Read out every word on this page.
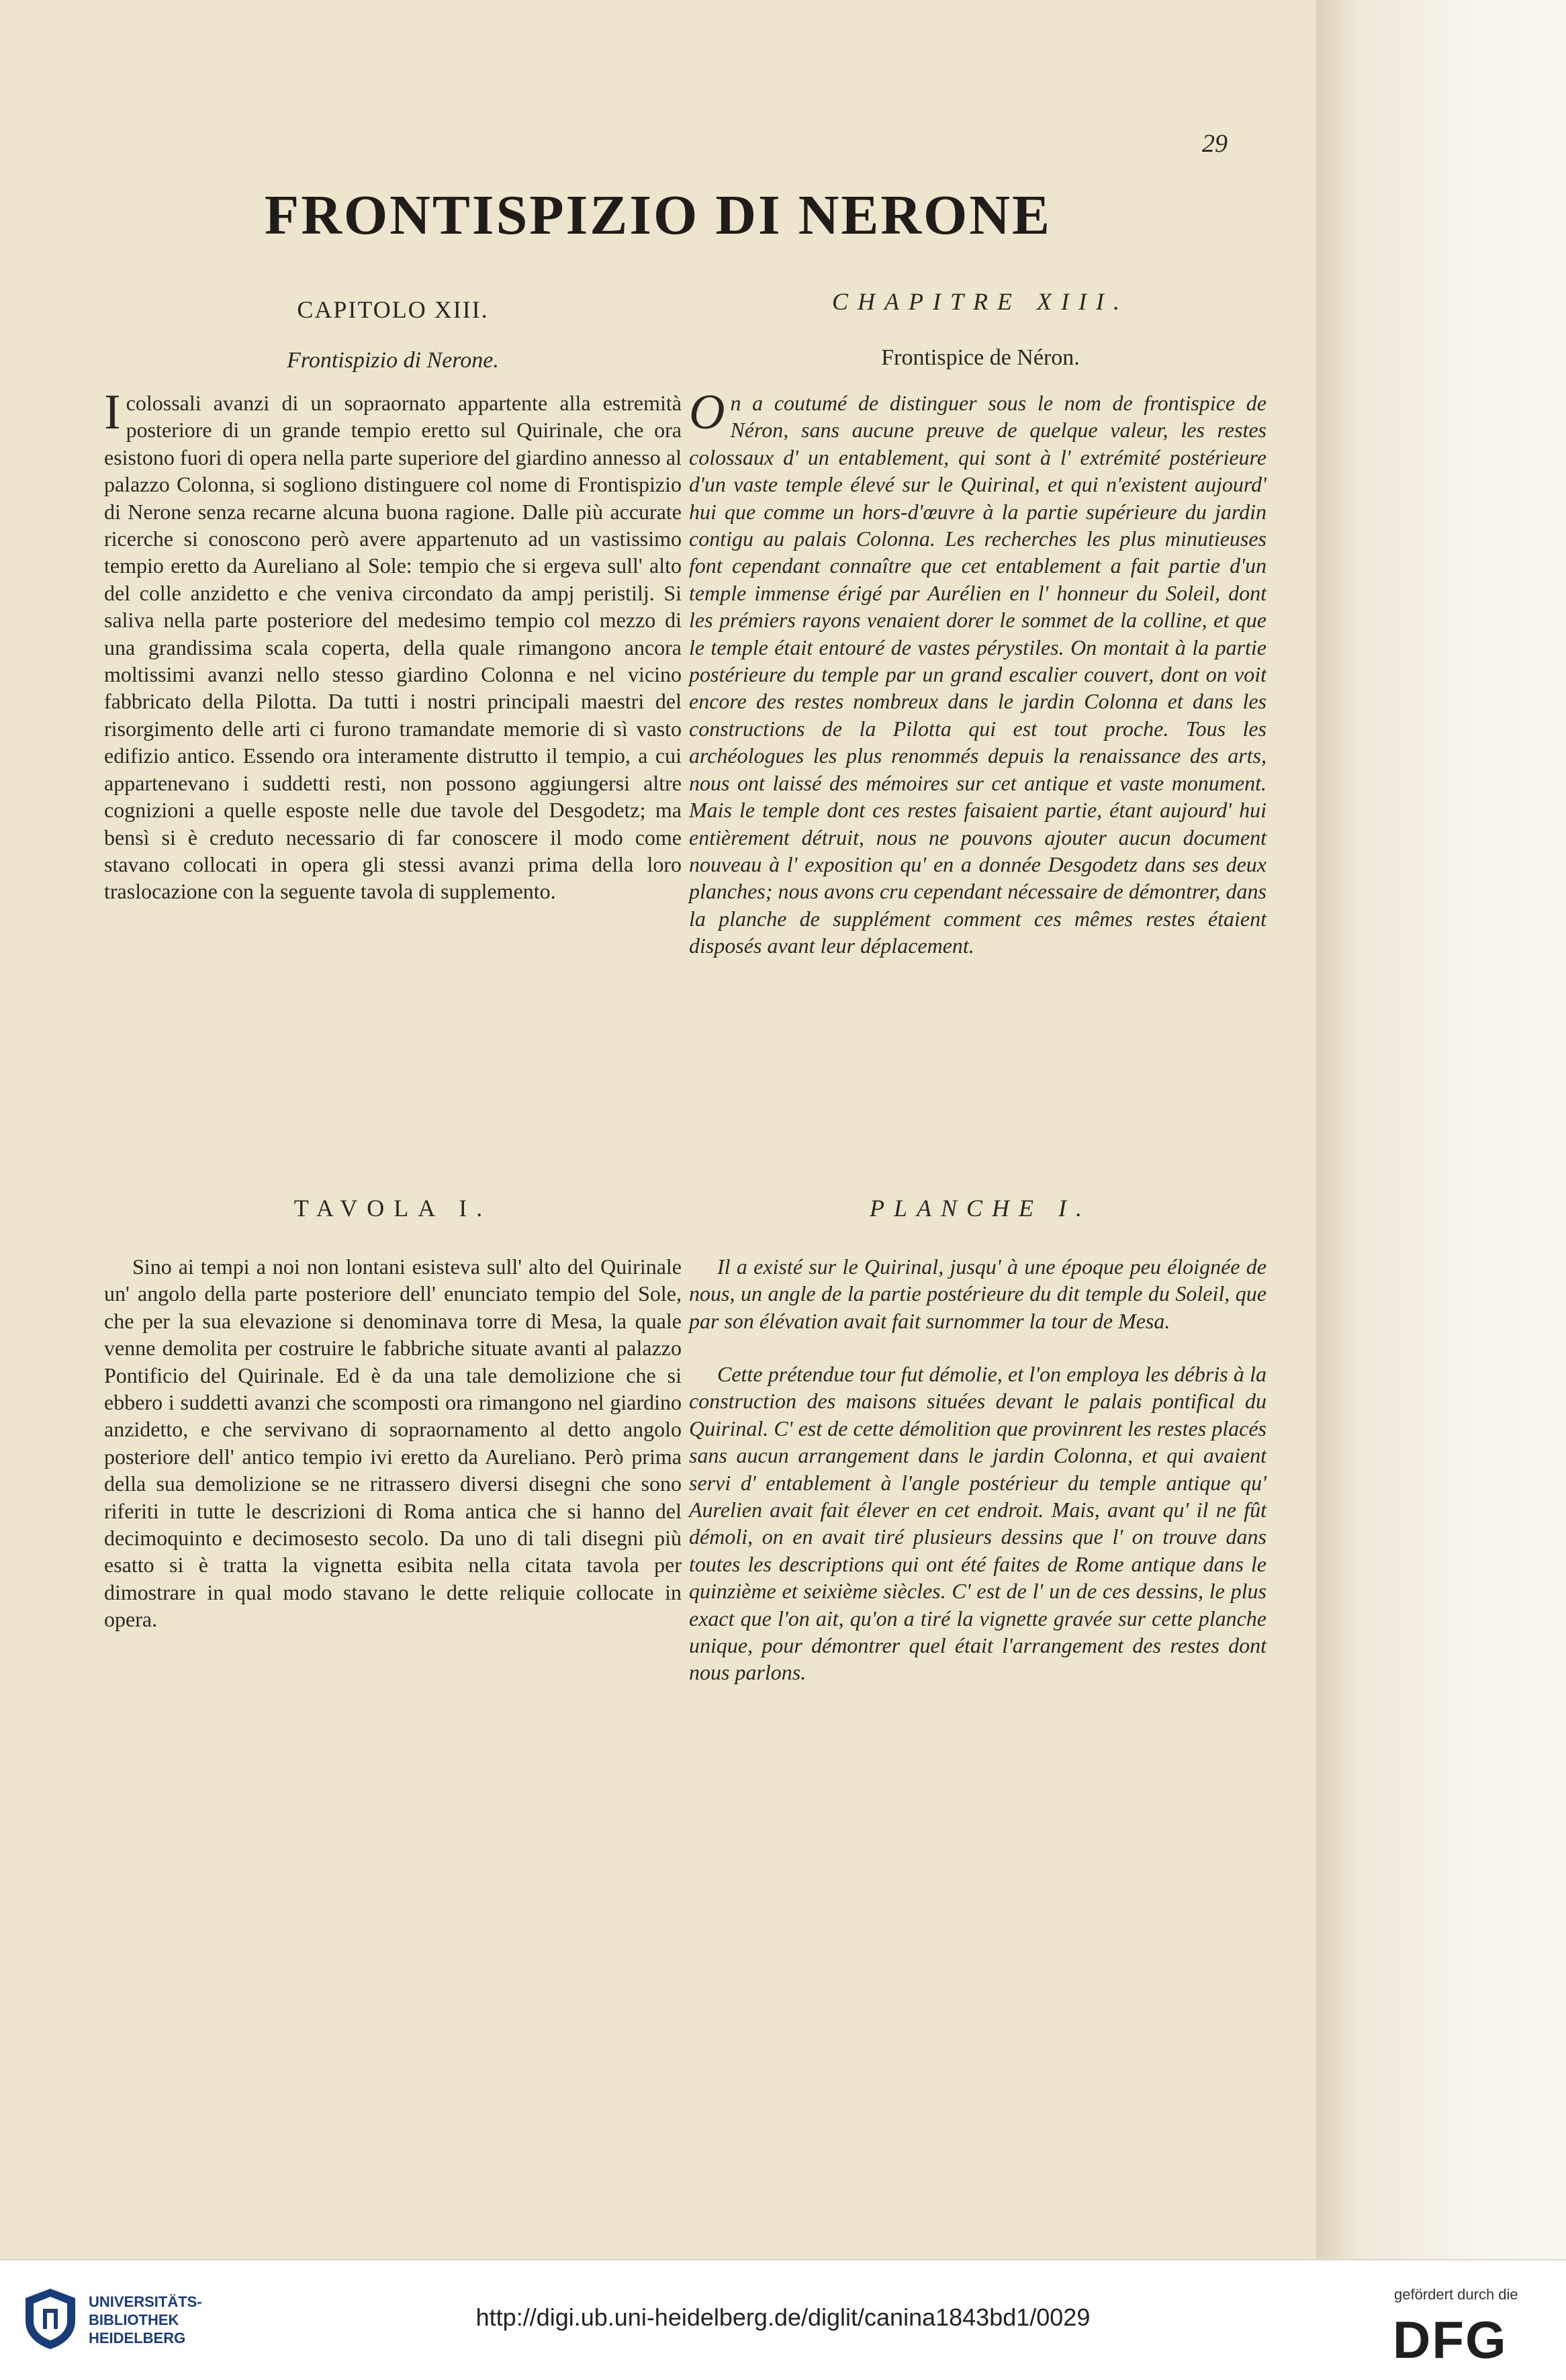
29
FRONTISPIZIO DI NERONE
CAPITOLO XIII.
Frontispizio di Nerone.
I colossali avanzi di un sopraornato appartente alla estremità posteriore di un grande tempio eretto sul Quirinale, che ora esistono fuori di opera nella parte superiore del giardino annesso al palazzo Colonna, si sogliono distinguere col nome di Frontispizio di Nerone senza recarne alcuna buona ragione. Dalle più accurate ricerche si conoscono però avere appartenuto ad un vastissimo tempio eretto da Aureliano al Sole: tempio che si ergeva sull' alto del colle anzidetto e che veniva circondato da ampj peristilj. Si saliva nella parte posteriore del medesimo tempio col mezzo di una grandissima scala coperta, della quale rimangono ancora moltissimi avanzi nello stesso giardino Colonna e nel vicino fabbricato della Pilotta. Da tutti i nostri principali maestri del risorgimento delle arti ci furono tramandate memorie di sì vasto edifizio antico. Essendo ora interamente distrutto il tempio, a cui appartenevano i suddetti resti, non possono aggiungersi altre cognizioni a quelle esposte nelle due tavole del Desgodetz; ma bensì si è creduto necessario di far conoscere il modo come stavano collocati in opera gli stessi avanzi prima della loro traslocazione con la seguente tavola di supplemento.
TAVOLA I.
Sino ai tempi a noi non lontani esisteva sull' alto del Quirinale un' angolo della parte posteriore dell' enunciato tempio del Sole, che per la sua elevazione si denominava torre di Mesa, la quale venne demolita per costruire le fabbriche situate avanti al palazzo Pontificio del Quirinale. Ed è da una tale demolizione che si ebbero i suddetti avanzi che scomposti ora rimangono nel giardino anzidetto, e che servivano di sopraornamento al detto angolo posteriore dell' antico tempio ivi eretto da Aureliano. Però prima della sua demolizione se ne ritrassero diversi disegni che sono riferiti in tutte le descrizioni di Roma antica che si hanno del decimoquinto e decimosesto secolo. Da uno di tali disegni più esatto si è tratta la vignetta esibita nella citata tavola per dimostrare in qual modo stavano le dette reliquie collocate in opera.
CHAPITRE XIII.
Frontispice de Néron.
O n a coutumé de distinguer sous le nom de frontispice de Néron, sans aucune preuve de quelque valeur, les restes colossaux d' un entablement, qui sont à l' extrémité postérieure d'un vaste temple élevé sur le Quirinal, et qui n'existent aujourd' hui que comme un hors-d'œuvre à la partie supérieure du jardin contigu au palais Colonna. Les recherches les plus minutieuses font cependant connaître que cet entablement a fait partie d'un temple immense érigé par Aurélien en l' honneur du Soleil, dont les prémiers rayons venaient dorer le sommet de la colline, et que le temple était entouré de vastes pérystiles. On montait à la partie postérieure du temple par un grand escalier couvert, dont on voit encore des restes nombreux dans le jardin Colonna et dans les constructions de la Pilotta qui est tout proche. Tous les archéologues les plus renommés depuis la renaissance des arts, nous ont laissé des mémoires sur cet antique et vaste monument. Mais le temple dont ces restes faisaient partie, étant aujourd' hui entièrement détruit, nous ne pouvons ajouter aucun document nouveau à l' exposition qu' en a donnée Desgodetz dans ses deux planches; nous avons cru cependant nécessaire de démontrer, dans la planche de supplément comment ces mêmes restes étaient disposés avant leur déplacement.
PLANCHE I.
Il a existé sur le Quirinal, jusqu' à une époque peu éloignée de nous, un angle de la partie postérieure du dit temple du Soleil, que par son élévation avait fait surnommer la tour de Mesa.
Cette prétendue tour fut démolie, et l'on employa les débris à la construction des maisons situées devant le palais pontifical du Quirinal. C' est de cette démolition que provinrent les restes placés sans aucun arrangement dans le jardin Colonna, et qui avaient servi d' entablement à l'angle postérieur du temple antique qu' Aurelien avait fait élever en cet endroit. Mais, avant qu' il ne fût démoli, on en avait tiré plusieurs dessins que l' on trouve dans toutes les descriptions qui ont été faites de Rome antique dans le quinzième et seixième siècles. C' est de l' un de ces dessins, le plus exact que l'on ait, qu'on a tiré la vignette gravée sur cette planche unique, pour démontrer quel était l'arrangement des restes dont nous parlons.
UNIVERSITÄTS-
BIBLIOTHEK
HEIDELBERG
http://digi.ub.uni-heidelberg.de/diglit/canina1843bd1/0029
gefördert durch die
DFG
